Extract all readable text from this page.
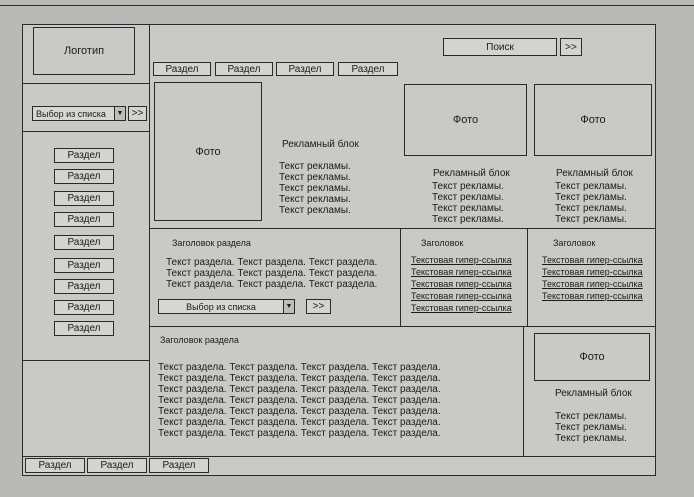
Логотип	Поиск	>>
Раздел	Раздел	Раздел	Раздел
Выбор из списка	▼ >>
Раздел
Раздел
Раздел
Раздел
Раздел
Раздел
Раздел
Раздел
Раздел
Фото
Рекламный блок
Текст рекламы.
Текст рекламы.
Текст рекламы.
Текст рекламы.
Текст рекламы.
Фото
Рекламный блок
Текст рекламы.
Текст рекламы.
Текст рекламы.
Текст рекламы.
Фото
Рекламный блок
Текст рекламы.
Текст рекламы.
Текст рекламы.
Текст рекламы.
Заголовок раздела
Текст раздела. Текст раздела. Текст раздела.
Текст раздела. Текст раздела. Текст раздела.
Текст раздела. Текст раздела. Текст раздела.
Выбор из списка	▼ >>
Заголовок
Текстовая гипер-ссылка
Текстовая гипер-ссылка
Текстовая гипер-ссылка
Текстовая гипер-ссылка
Текстовая гипер-ссылка
Заголовок
Текстовая гипер-ссылка
Текстовая гипер-ссылка
Текстовая гипер-ссылка
Текстовая гипер-ссылка
Заголовок раздела
Текст раздела. Текст раздела. Текст раздела. Текст раздела.
Текст раздела. Текст раздела. Текст раздела. Текст раздела.
Текст раздела. Текст раздела. Текст раздела. Текст раздела.
Текст раздела. Текст раздела. Текст раздела. Текст раздела.
Текст раздела. Текст раздела. Текст раздела. Текст раздела.
Текст раздела. Текст раздела. Текст раздела. Текст раздела.
Текст раздела. Текст раздела. Текст раздела. Текст раздела.
Фото
Рекламный блок
Текст рекламы.
Текст рекламы.
Текст рекламы.
Раздел	Раздел	Раздел
